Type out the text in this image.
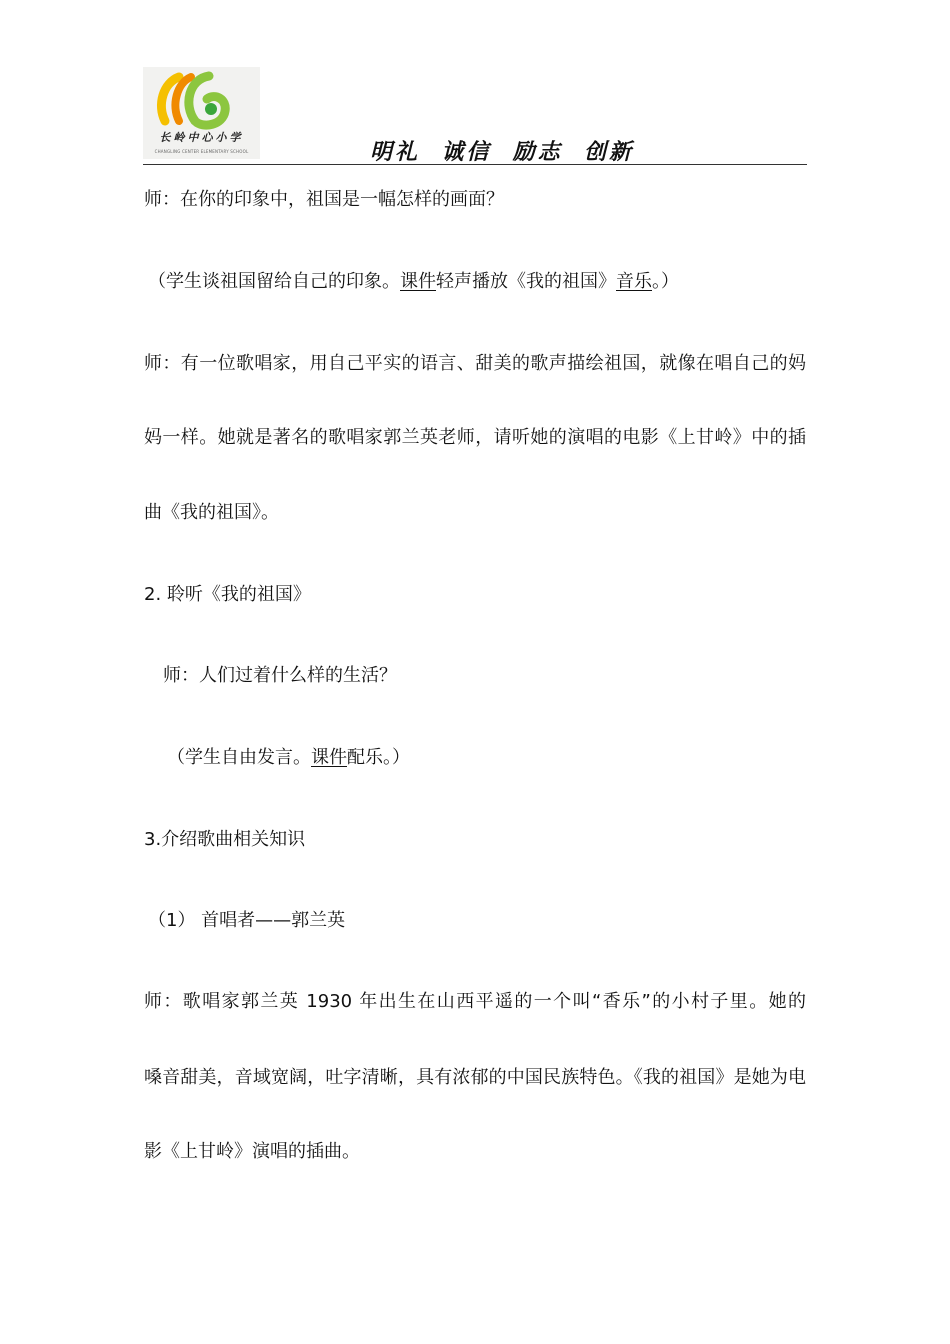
长岭中心小学
CHANGLING CENTER ELEMENTARY SCHOOL	明礼  诚信  励志  创新
师：在你的印象中，祖国是一幅怎样的画面？
（学生谈祖国留给自己的印象。课件轻声播放《我的祖国》音乐。）
师：有一位歌唱家，用自己平实的语言、甜美的歌声描绘祖国，就像在唱自己的妈
妈一样。她就是著名的歌唱家郭兰英老师，请听她的演唱的电影《上甘岭》中的插
曲《我的祖国》。
2. 聆听《我的祖国》
师：人们过着什么样的生活？
（学生自由发言。课件配乐。）
3.介绍歌曲相关知识
（1） 首唱者——郭兰英
师：歌唱家郭兰英 1930 年出生在山西平遥的一个叫“香乐”的小村子里。她的
嗓音甜美，音域宽阔，吐字清晰，具有浓郁的中国民族特色。《我的祖国》是她为电
影《上甘岭》演唱的插曲。
